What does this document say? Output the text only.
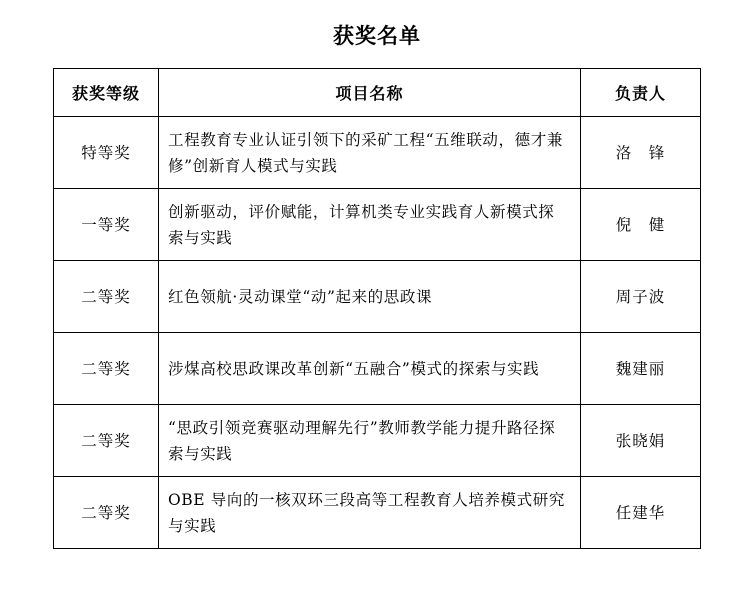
获奖名单
获奖等级	项目名称	负责人
特等奖	工程教育专业认证引领下的采矿工程“五维联动，德才兼修”创新育人模式与实践	洛　锋
一等奖	创新驱动，评价赋能，计算机类专业实践育人新模式探索与实践	倪　健
二等奖	红色领航·灵动课堂“动”起来的思政课	周子波
二等奖	涉煤高校思政课改革创新“五融合”模式的探索与实践	魏建丽
二等奖	“思政引领竞赛驱动理解先行”教师教学能力提升路径探索与实践	张晓娟
二等奖	OBE 导向的一核双环三段高等工程教育人培养模式研究与实践	任建华
